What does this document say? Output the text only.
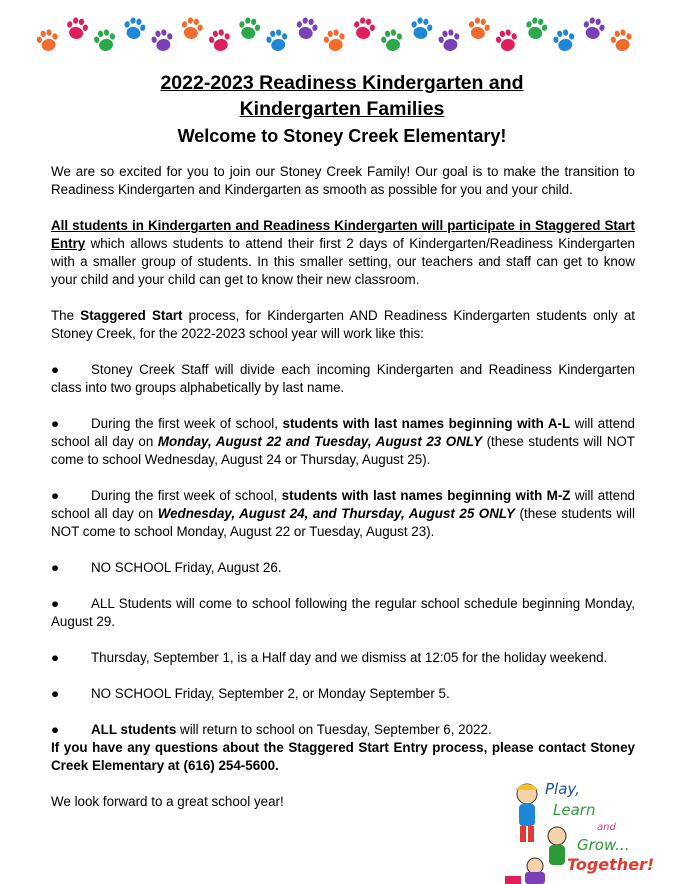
2022-2023 Readiness Kindergarten and
Kindergarten Families
Welcome to Stoney Creek Elementary!

We are so excited for you to join our Stoney Creek Family! Our goal is to make the transition to Readiness Kindergarten and Kindergarten as smooth as possible for you and your child.

All students in Kindergarten and Readiness Kindergarten will participate in Staggered Start Entry which allows students to attend their first 2 days of Kindergarten/Readiness Kindergarten with a smaller group of students. In this smaller setting, our teachers and staff can get to know your child and your child can get to know their new classroom.

The Staggered Start process, for Kindergarten AND Readiness Kindergarten students only at Stoney Creek, for the 2022-2023 school year will work like this:

● Stoney Creek Staff will divide each incoming Kindergarten and Readiness Kindergarten class into two groups alphabetically by last name.

● During the first week of school, students with last names beginning with A-L will attend school all day on Monday, August 22 and Tuesday, August 23 ONLY (these students will NOT come to school Wednesday, August 24 or Thursday, August 25).

● During the first week of school, students with last names beginning with M-Z will attend school all day on Wednesday, August 24, and Thursday, August 25 ONLY (these students will NOT come to school Monday, August 22 or Tuesday, August 23).

● NO SCHOOL Friday, August 26.

● ALL Students will come to school following the regular school schedule beginning Monday, August 29.

● Thursday, September 1, is a Half day and we dismiss at 12:05 for the holiday weekend.

● NO SCHOOL Friday, September 2, or Monday September 5.

● ALL students will return to school on Tuesday, September 6, 2022.

If you have any questions about the Staggered Start Entry process, please contact Stoney Creek Elementary at (616) 254-5600.

We look forward to a great school year!

Play,
Learn
and
Grow...
Together!
